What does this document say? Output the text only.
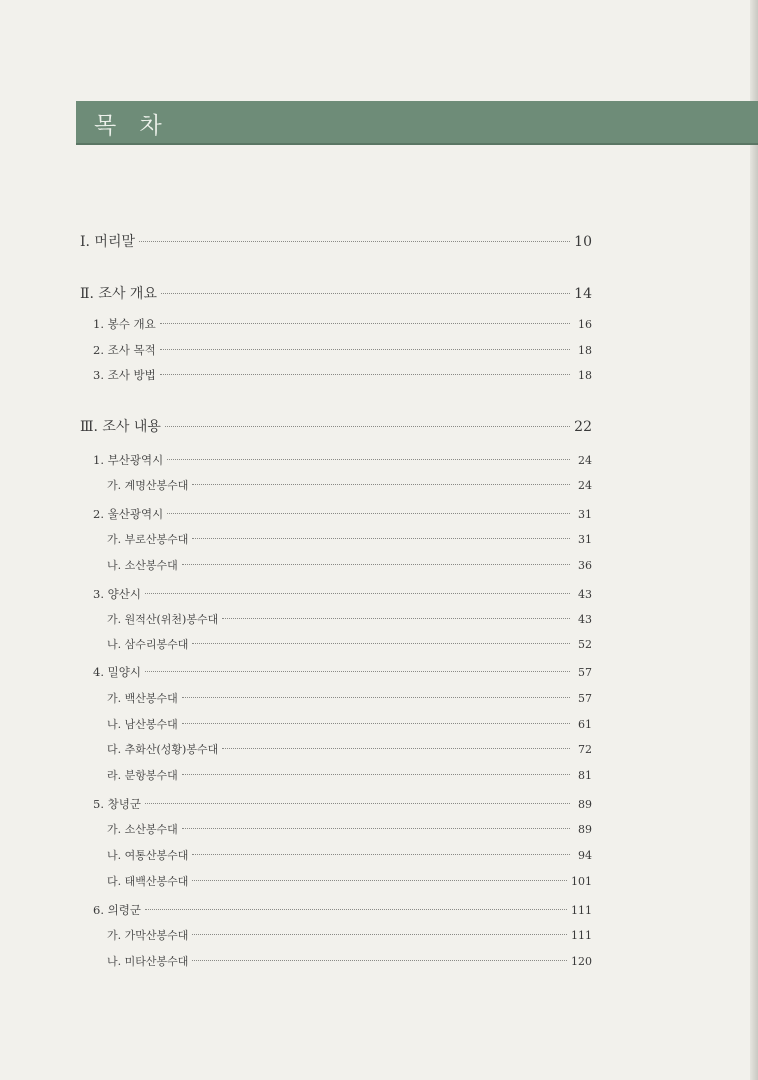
목 차
Ⅰ. 머리말	10
Ⅱ. 조사 개요	14
1. 봉수 개요	16
2. 조사 목적	18
3. 조사 방법	18
Ⅲ. 조사 내용	22
1. 부산광역시	24
가. 계명산봉수대	24
2. 울산광역시	31
가. 부로산봉수대	31
나. 소산봉수대	36
3. 양산시	43
가. 원적산(위천)봉수대	43
나. 삼수리봉수대	52
4. 밀양시	57
가. 백산봉수대	57
나. 남산봉수대	61
다. 추화산(성황)봉수대	72
라. 분항봉수대	81
5. 창녕군	89
가. 소산봉수대	89
나. 여통산봉수대	94
다. 태백산봉수대	101
6. 의령군	111
가. 가막산봉수대	111
나. 미타산봉수대	120
